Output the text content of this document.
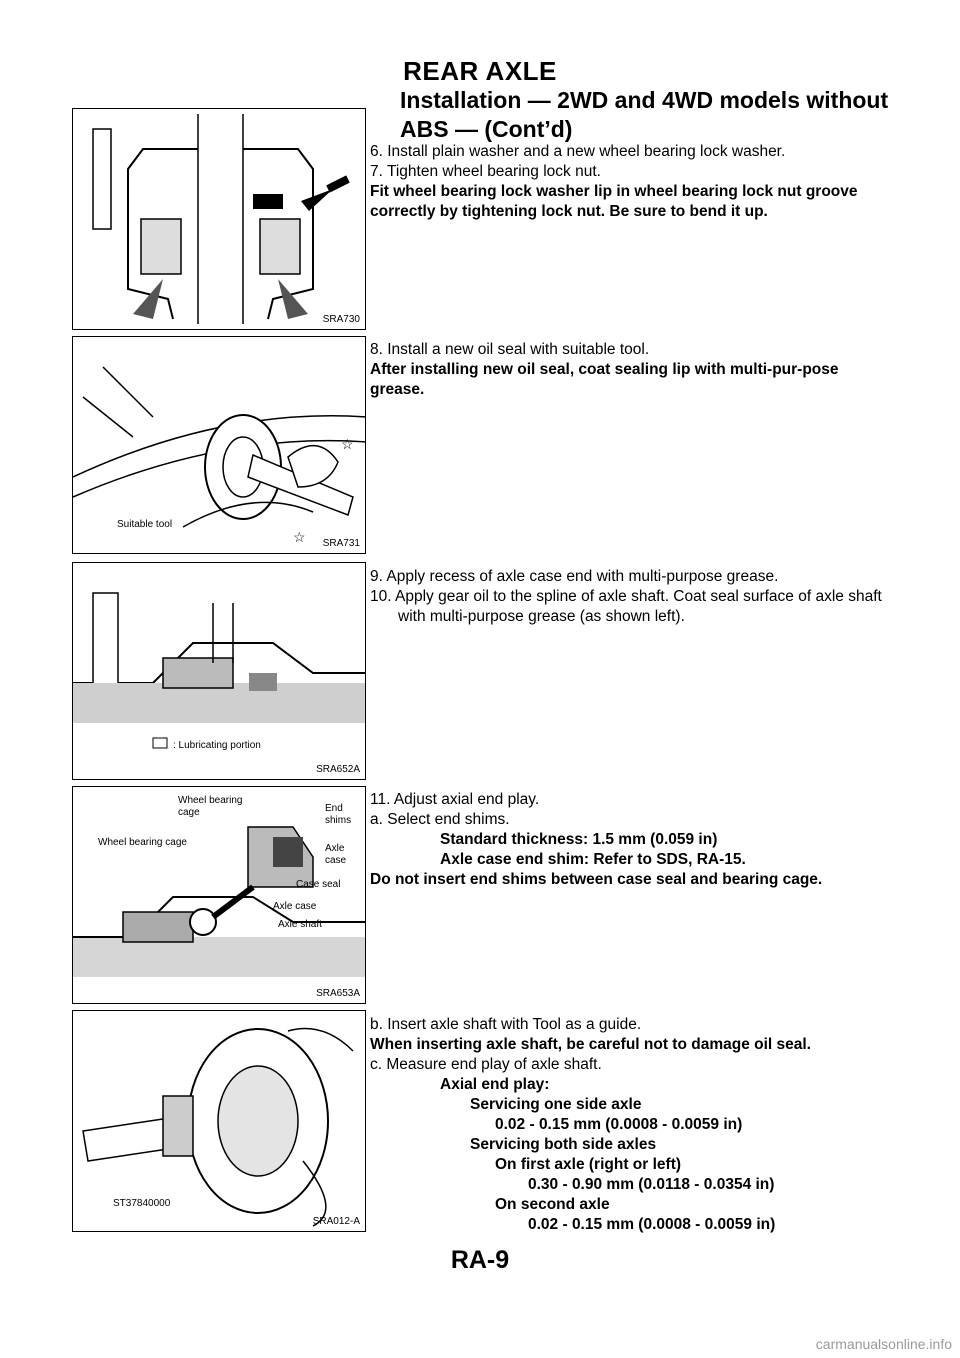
REAR AXLE
Installation — 2WD and 4WD models without
ABS — (Cont’d)
SRA730

6. Install plain washer and a new wheel bearing lock washer.

7. Tighten wheel bearing lock nut.

Fit wheel bearing lock washer lip in wheel bearing lock nut groove correctly by tightening lock nut. Be sure to bend it up.

☆
☆
Suitable tool
SRA731

8. Install a new oil seal with suitable tool.

After installing new oil seal, coat sealing lip with multi-pur-pose grease.

: Lubricating portion
SRA652A

9. Apply recess of axle case end with multi-purpose grease.

10. Apply gear oil to the spline of axle shaft. Coat seal surface of axle shaft with multi-purpose grease (as shown left).

Wheel bearing
cage	End
shims
Wheel bearing cage
Axle
case
Case seal
Axle case
Axle shaft
SRA653A

11. Adjust axial end play.

a. Select end shims.

Standard thickness: 1.5 mm (0.059 in)

Axle case end shim: Refer to SDS, RA-15.

Do not insert end shims between case seal and bearing cage.

ST37840000
SRA012-A

b. Insert axle shaft with Tool as a guide.

When inserting axle shaft, be careful not to damage oil seal.

c. Measure end play of axle shaft.

Axial end play:

Servicing one side axle

0.02 - 0.15 mm (0.0008 - 0.0059 in)

Servicing both side axles

On first axle (right or left)

0.30 - 0.90 mm (0.0118 - 0.0354 in)

On second axle

0.02 - 0.15 mm (0.0008 - 0.0059 in)

RA-9
carmanualsonline.info
